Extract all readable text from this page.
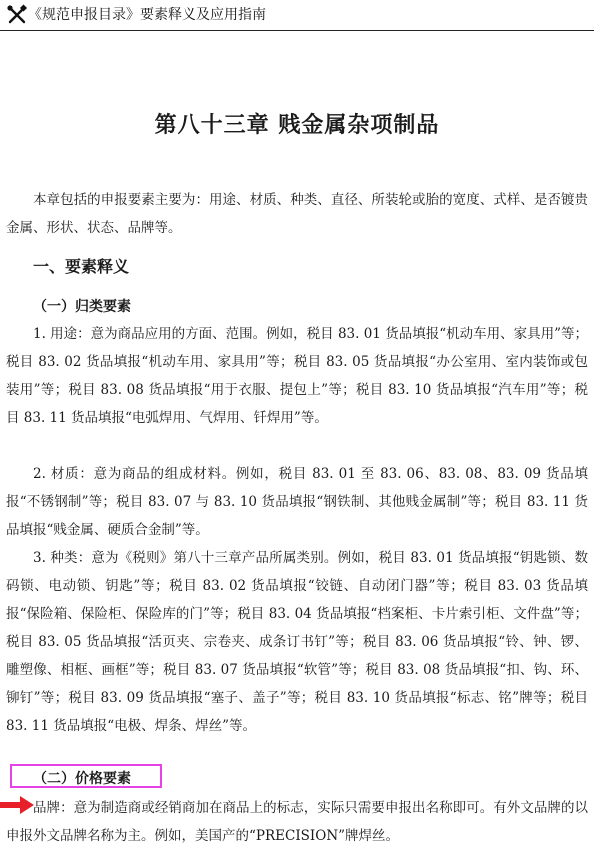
《规范申报目录》要素释义及应用指南
第八十三章 贱金属杂项制品

本章包括的申报要素主要为：用途、材质、种类、直径、所装轮或胎的宽度、式样、是否镀贵金属、形状、状态、品牌等。

一、要素释义
（一）归类要素

1. 用途：意为商品应用的方面、范围。例如，税目 83. 01 货品填报“机动车用、家具用”等；税目 83. 02 货品填报“机动车用、家具用”等；税目 83. 05 货品填报“办公室用、室内装饰或包装用”等；税目 83. 08 货品填报“用于衣服、提包上”等；税目 83. 10 货品填报“汽车用”等；税目 83. 11 货品填报“电弧焊用、气焊用、钎焊用”等。

2. 材质：意为商品的组成材料。例如，税目 83. 01 至 83. 06、83. 08、83. 09 货品填报“不锈钢制”等；税目 83. 07 与 83. 10 货品填报“钢铁制、其他贱金属制”等；税目 83. 11 货品填报“贱金属、硬质合金制”等。

3. 种类：意为《税则》第八十三章产品所属类别。例如，税目 83. 01 货品填报“钥匙锁、数码锁、电动锁、钥匙”等；税目 83. 02 货品填报“铰链、自动闭门器”等；税目 83. 03 货品填报“保险箱、保险柜、保险库的门”等；税目 83. 04 货品填报“档案柜、卡片索引柜、文件盘”等；税目 83. 05 货品填报“活页夹、宗卷夹、成条订书钉”等；税目 83. 06 货品填报“铃、钟、锣、雕塑像、相框、画框”等；税目 83. 07 货品填报“软管”等；税目 83. 08 货品填报“扣、钩、环、铆钉”等；税目 83. 09 货品填报“塞子、盖子”等；税目 83. 10 货品填报“标志、铭”牌等；税目 83. 11 货品填报“电极、焊条、焊丝”等。

（二）价格要素

品牌：意为制造商或经销商加在商品上的标志，实际只需要申报出名称即可。有外文品牌的以申报外文品牌名称为主。例如，美国产的“PRECISION”牌焊丝。
